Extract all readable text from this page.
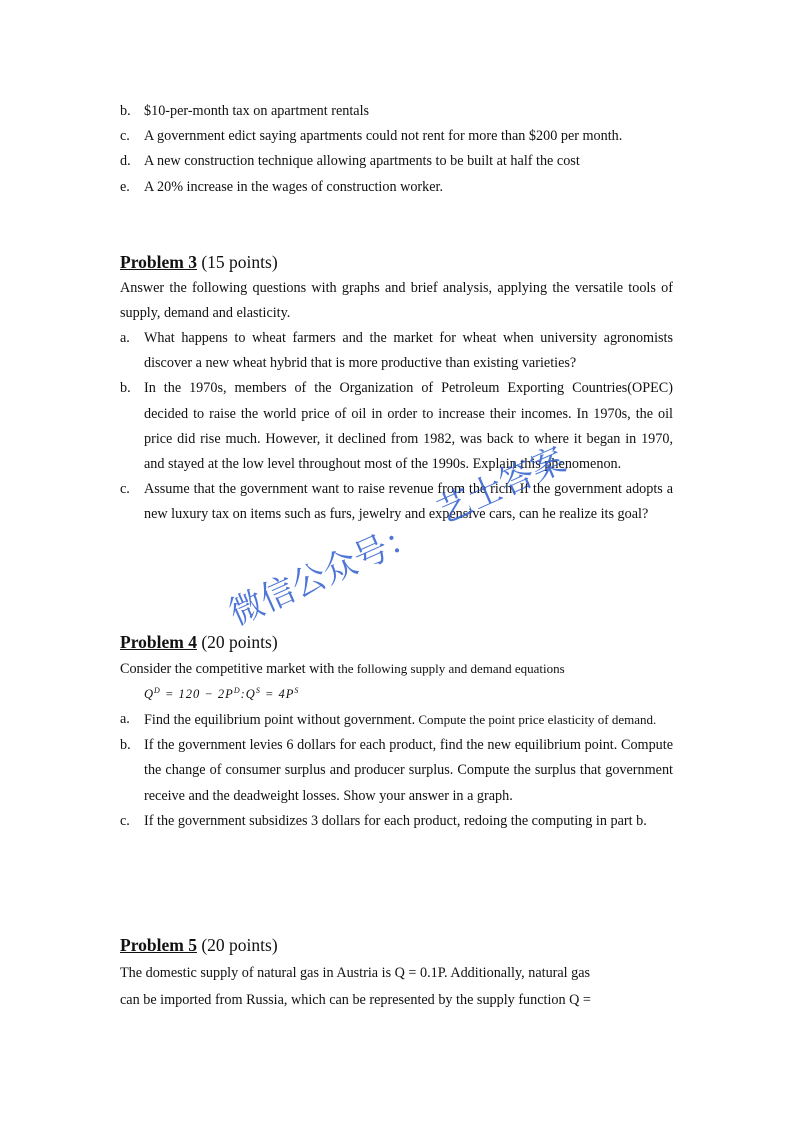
b. $10-per-month tax on apartment rentals
c. A government edict saying apartments could not rent for more than $200 per month.
d. A new construction technique allowing apartments to be built at half the cost
e. A 20% increase in the wages of construction worker.
Problem 3 (15 points)
Answer the following questions with graphs and brief analysis, applying the versatile tools of supply, demand and elasticity.
a. What happens to wheat farmers and the market for wheat when university agronomists discover a new wheat hybrid that is more productive than existing varieties?
b. In the 1970s, members of the Organization of Petroleum Exporting Countries(OPEC) decided to raise the world price of oil in order to increase their incomes. In 1970s, the oil price did rise much. However, it declined from 1982, was back to where it began in 1970, and stayed at the low level throughout most of the 1990s. Explain this phenomenon.
c. Assume that the government want to raise revenue from the rich. If the government adopts a new luxury tax on items such as furs, jewelry and expensive cars, can he realize its goal?
Problem 4 (20 points)
Consider the competitive market with the following supply and demand equations
$Q^D = 120$ − $2P^D:Q^S = 4P^S$
a. Find the equilibrium point without government. Compute the point price elasticity of demand.
b. If the government levies 6 dollars for each product, find the new equilibrium point. Compute the change of consumer surplus and producer surplus. Compute the surplus that government receive and the deadweight losses. Show your answer in a graph.
c. If the government subsidizes 3 dollars for each product, redoing the computing in part b.
Problem 5 (20 points)
The domestic supply of natural gas in Austria is Q = 0.1P. Additionally, natural gas
can be imported from Russia, which can be represented by the supply function Q =
艺士答案
微信公众号：
